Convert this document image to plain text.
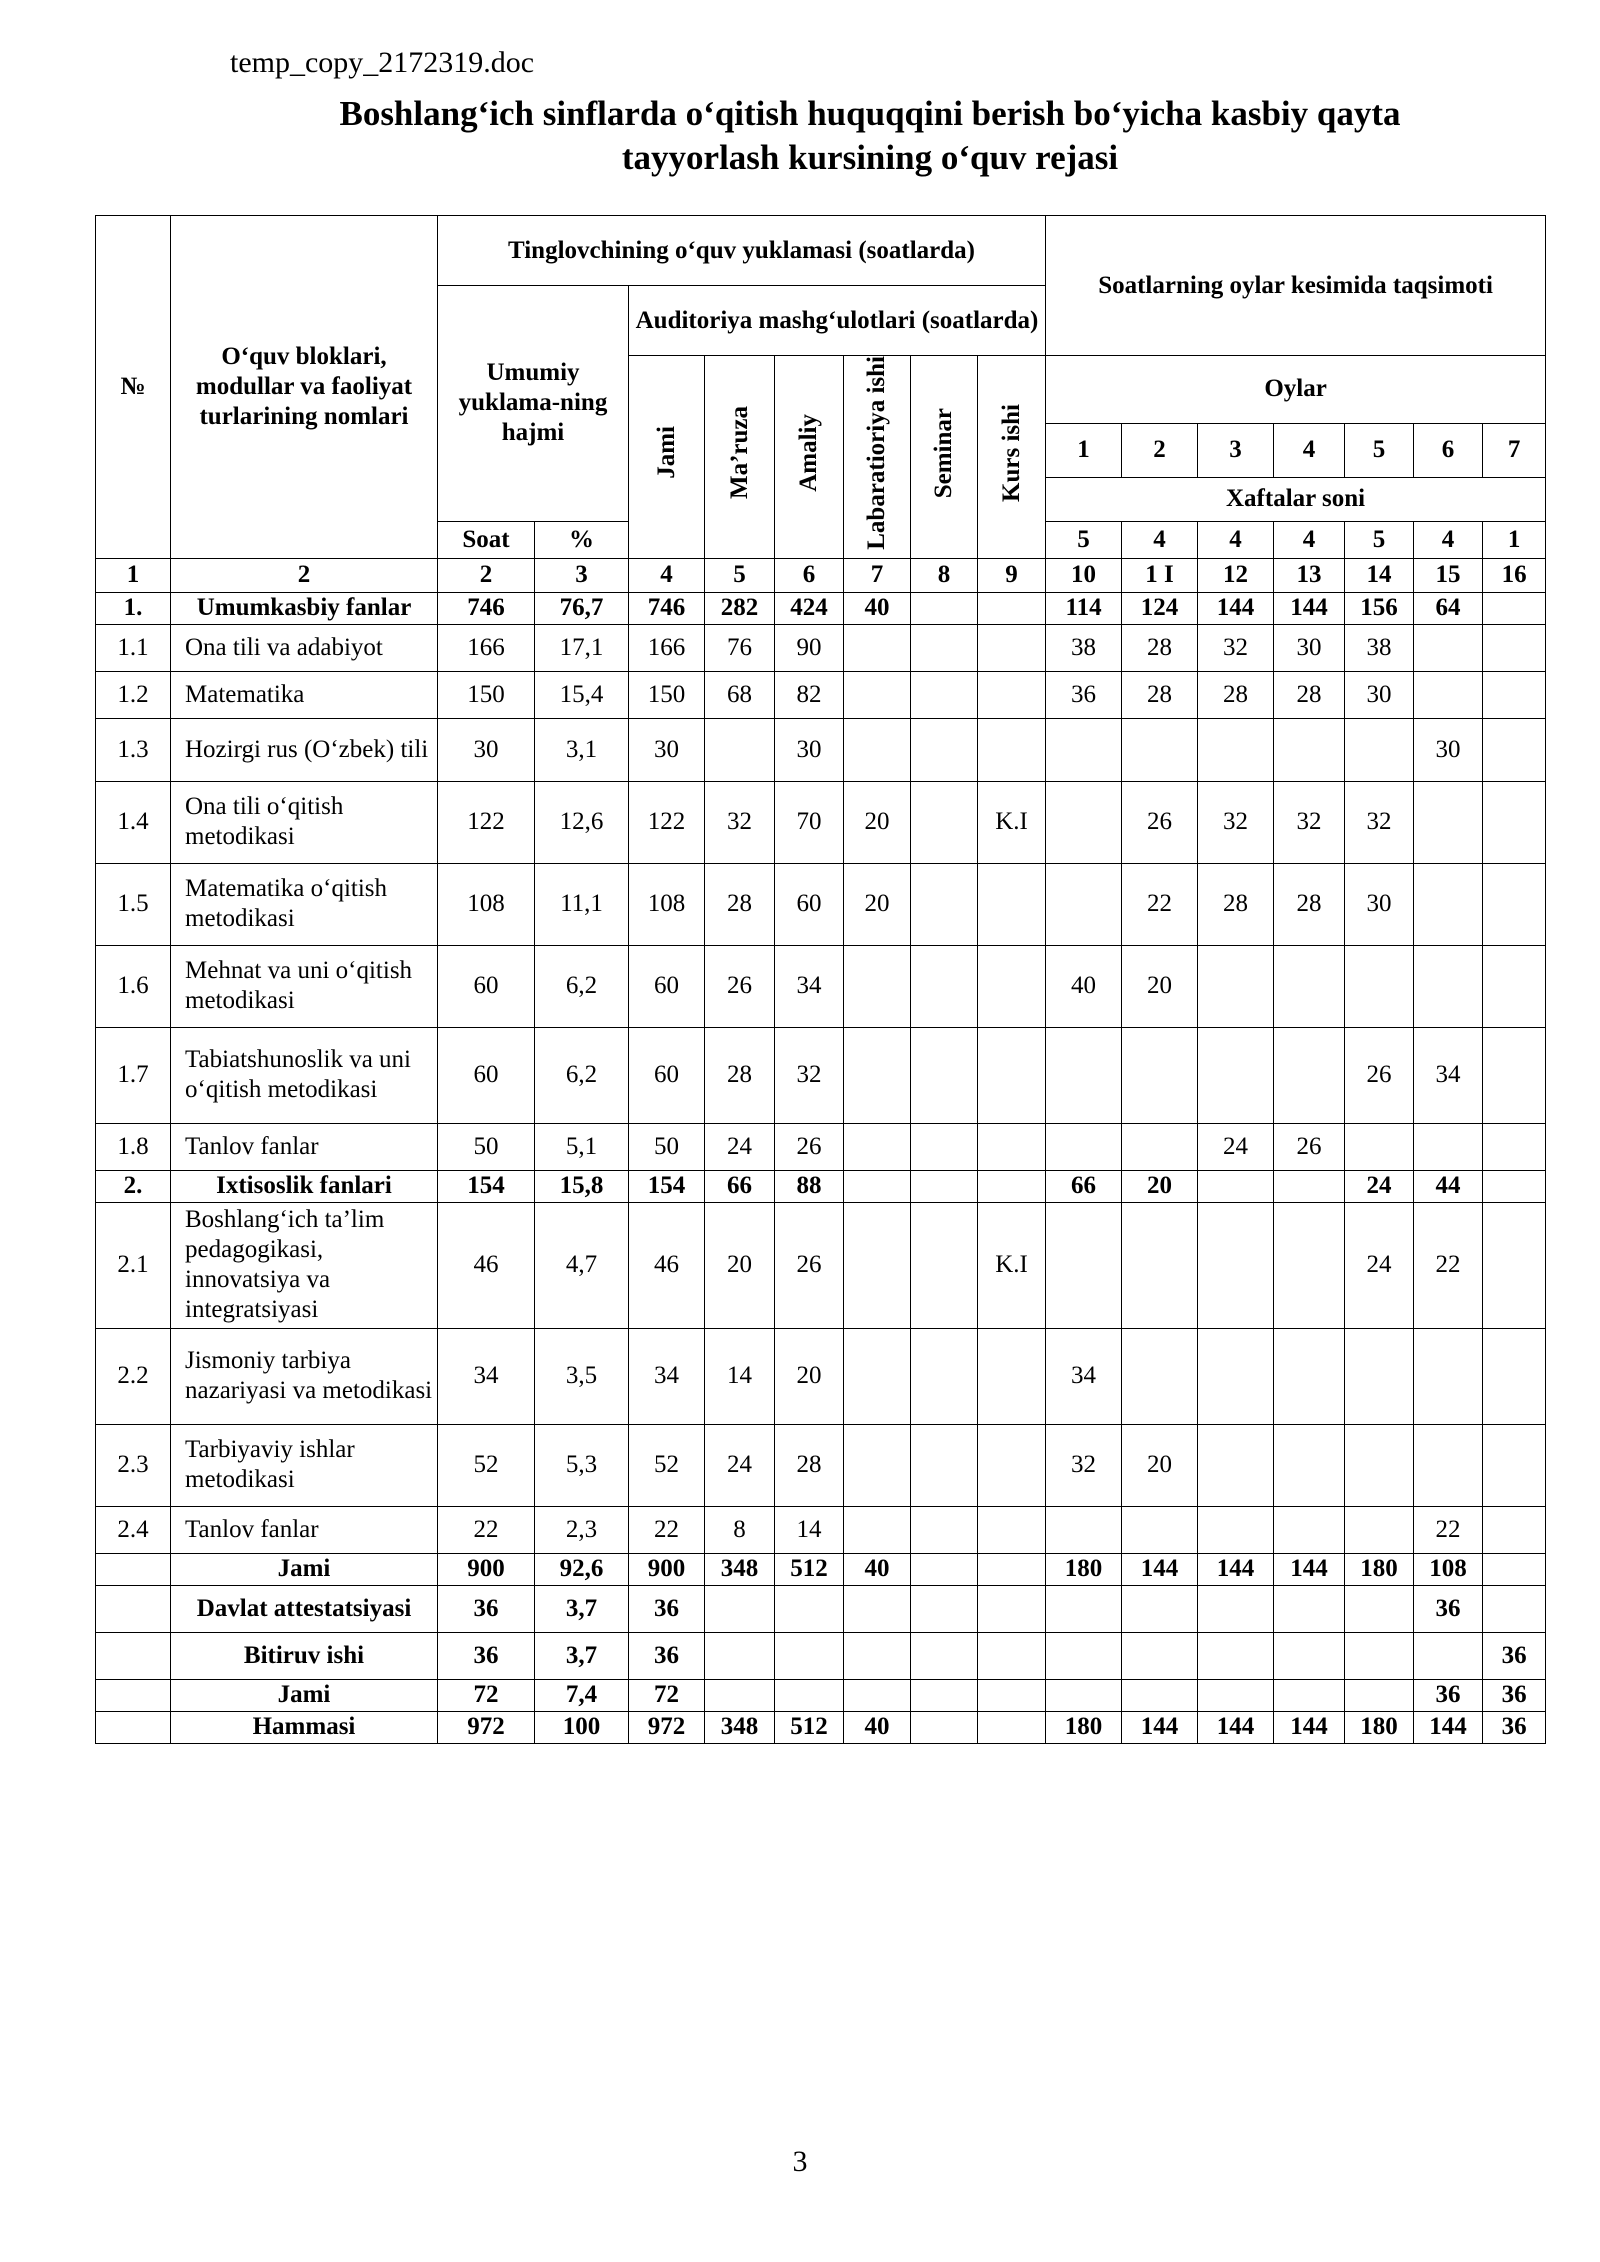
temp_copy_2172319.doc
Boshlang‘ich sinflarda o‘qitish huquqqini berish bo‘yicha kasbiy qayta tayyorlash kursining o‘quv rejasi
№	O‘quv bloklari, modullar va faoliyat turlarining nomlari	Tinglovchining o‘quv yuklamasi (soatlarda)								Soatlarning oylar kesimida taqsimoti						
		Umumiy yuklama-ning hajmi		Auditoriya mashg‘ulotlari (soatlarda)												
				Jami	Ma’ruza	Amaliy	Labaratioriya ishi	Seminar	Kurs ishi	Oylar						
										1	2	3	4	5	6	7
										Xaftalar soni						
		Soat	%							5	4	4	4	5	4	1
1	2	2	3	4	5	6	7	8	9	10	1 I	12	13	14	15	16
1.	Umumkasbiy fanlar	746	76,7	746	282	424	40			114	124	144	144	156	64	
1.1	Ona tili va adabiyot	166	17,1	166	76	90				38	28	32	30	38		
1.2	Matematika	150	15,4	150	68	82				36	28	28	28	30		
1.3	Hozirgi rus (O‘zbek) tili	30	3,1	30		30									30	
1.4	Ona tili o‘qitish metodikasi	122	12,6	122	32	70	20		K.I		26	32	32	32		
1.5	Matematika o‘qitish metodikasi	108	11,1	108	28	60	20				22	28	28	30		
1.6	Mehnat va uni o‘qitish metodikasi	60	6,2	60	26	34				40	20					
1.7	Tabiatshunoslik va uni o‘qitish metodikasi	60	6,2	60	28	32								26	34	
1.8	Tanlov fanlar	50	5,1	50	24	26						24	26			
2.	Ixtisoslik fanlari	154	15,8	154	66	88				66	20			24	44	
2.1	Boshlang‘ich ta’lim pedagogikasi, innovatsiya va integratsiyasi	46	4,7	46	20	26			K.I					24	22	
2.2	Jismoniy tarbiya nazariyasi va metodikasi	34	3,5	34	14	20				34						
2.3	Tarbiyaviy ishlar metodikasi	52	5,3	52	24	28				32	20					
2.4	Tanlov fanlar	22	2,3	22	8	14									22	
	Jami	900	92,6	900	348	512	40			180	144	144	144	180	108	
	Davlat attestatsiyasi	36	3,7	36											36	
	Bitiruv ishi	36	3,7	36												36
	Jami	72	7,4	72											36	36
	Hammasi	972	100	972	348	512	40			180	144	144	144	180	144	36
3
